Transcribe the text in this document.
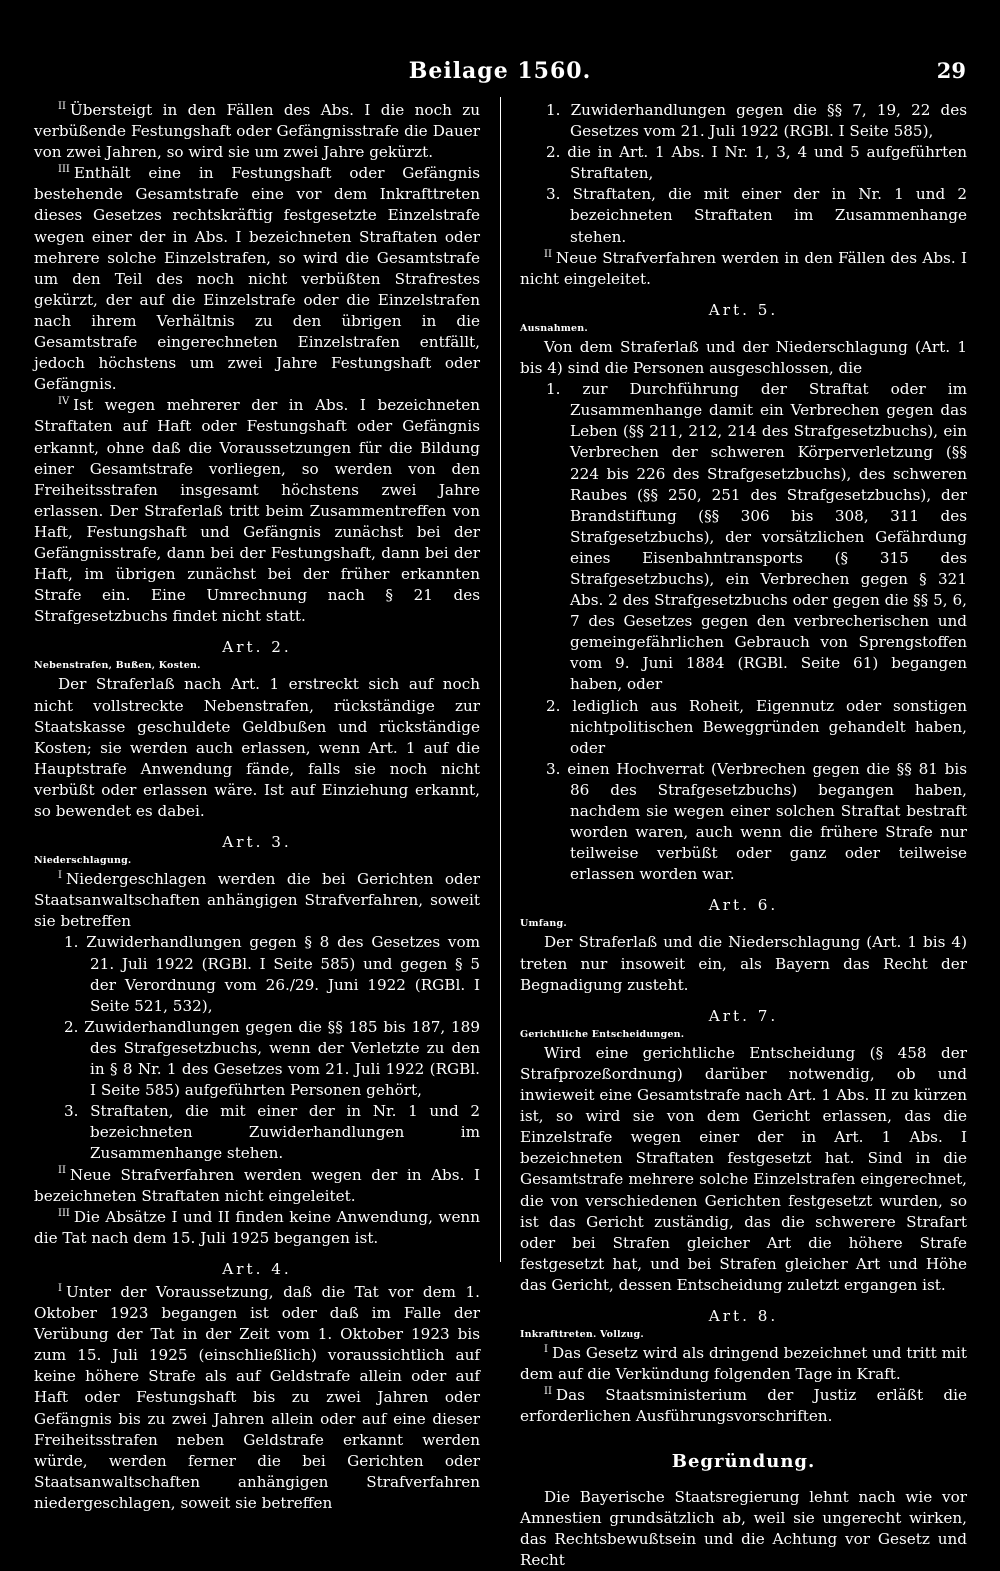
Beilage 1560.	29

$^{II}$ Übersteigt in den Fällen des Abs. I die noch zu verbüßende Festungshaft oder Gefängnisstrafe die Dauer von zwei Jahren, so wird sie um zwei Jahre gekürzt.

$^{III}$ Enthält eine in Festungshaft oder Gefängnis bestehende Gesamtstrafe eine vor dem Inkrafttreten dieses Gesetzes rechtskräftig festgesetzte Einzelstrafe wegen einer der in Abs. I bezeichneten Straftaten oder mehrere solche Einzelstrafen, so wird die Gesamtstrafe um den Teil des noch nicht verbüßten Strafrestes gekürzt, der auf die Einzelstrafe oder die Einzelstrafen nach ihrem Verhältnis zu den übrigen in die Gesamtstrafe eingerechneten Einzelstrafen entfällt, jedoch höchstens um zwei Jahre Festungshaft oder Gefängnis.

$^{IV}$ Ist wegen mehrerer der in Abs. I bezeichneten Straftaten auf Haft oder Festungshaft oder Gefängnis erkannt, ohne daß die Voraussetzungen für die Bildung einer Gesamtstrafe vorliegen, so werden von den Freiheitsstrafen insgesamt höchstens zwei Jahre erlassen. Der Straferlaß tritt beim Zusammentreffen von Haft, Festungshaft und Gefängnis zunächst bei der Gefängnisstrafe, dann bei der Festungshaft, dann bei der Haft, im übrigen zunächst bei der früher erkannten Strafe ein. Eine Umrechnung nach § 21 des Strafgesetzbuchs findet nicht statt.

Art. 2.

Nebenstrafen, Bußen, Kosten.

Der Straferlaß nach Art. 1 erstreckt sich auf noch nicht vollstreckte Nebenstrafen, rückständige zur Staatskasse geschuldete Geldbußen und rückständige Kosten; sie werden auch erlassen, wenn Art. 1 auf die Hauptstrafe Anwendung fände, falls sie noch nicht verbüßt oder erlassen wäre. Ist auf Einziehung erkannt, so bewendet es dabei.

Art. 3.

Niederschlagung.

$^I$ Niedergeschlagen werden die bei Gerichten oder Staatsanwaltschaften anhängigen Strafverfahren, soweit sie betreffen

1. Zuwiderhandlungen gegen § 8 des Gesetzes vom 21. Juli 1922 (RGBl. I Seite 585) und gegen § 5 der Verordnung vom 26./29. Juni 1922 (RGBl. I Seite 521, 532),

2. Zuwiderhandlungen gegen die §§ 185 bis 187, 189 des Strafgesetzbuchs, wenn der Verletzte zu den in § 8 Nr. 1 des Gesetzes vom 21. Juli 1922 (RGBl. I Seite 585) aufgeführten Personen gehört,

3. Straftaten, die mit einer der in Nr. 1 und 2 bezeichneten Zuwiderhandlungen im Zusammenhange stehen.

$^{II}$ Neue Strafverfahren werden wegen der in Abs. I bezeichneten Straftaten nicht eingeleitet.

$^{III}$ Die Absätze I und II finden keine Anwendung, wenn die Tat nach dem 15. Juli 1925 begangen ist.

Art. 4.

$^I$ Unter der Voraussetzung, daß die Tat vor dem 1. Oktober 1923 begangen ist oder daß im Falle der Verübung der Tat in der Zeit vom 1. Oktober 1923 bis zum 15. Juli 1925 (einschließlich) voraussichtlich auf keine höhere Strafe als auf Geldstrafe allein oder auf Haft oder Festungshaft bis zu zwei Jahren oder Gefängnis bis zu zwei Jahren allein oder auf eine dieser Freiheitsstrafen neben Geldstrafe erkannt werden würde, werden ferner die bei Gerichten oder Staatsanwaltschaften anhängigen Strafverfahren niedergeschlagen, soweit sie betreffen

1. Zuwiderhandlungen gegen die §§ 7, 19, 22 des Gesetzes vom 21. Juli 1922 (RGBl. I Seite 585),

2. die in Art. 1 Abs. I Nr. 1, 3, 4 und 5 aufgeführten Straftaten,

3. Straftaten, die mit einer der in Nr. 1 und 2 bezeichneten Straftaten im Zusammenhange stehen.

$^{II}$ Neue Strafverfahren werden in den Fällen des Abs. I nicht eingeleitet.

Art. 5.

Ausnahmen.

Von dem Straferlaß und der Niederschlagung (Art. 1 bis 4) sind die Personen ausgeschlossen, die

1. zur Durchführung der Straftat oder im Zusammenhange damit ein Verbrechen gegen das Leben (§§ 211, 212, 214 des Strafgesetzbuchs), ein Verbrechen der schweren Körperverletzung (§§ 224 bis 226 des Strafgesetzbuchs), des schweren Raubes (§§ 250, 251 des Strafgesetzbuchs), der Brandstiftung (§§ 306 bis 308, 311 des Strafgesetzbuchs), der vorsätzlichen Gefährdung eines Eisenbahntransports (§ 315 des Strafgesetzbuchs), ein Verbrechen gegen § 321 Abs. 2 des Strafgesetzbuchs oder gegen die §§ 5, 6, 7 des Gesetzes gegen den verbrecherischen und gemeingefährlichen Gebrauch von Sprengstoffen vom 9. Juni 1884 (RGBl. Seite 61) begangen haben, oder

2. lediglich aus Roheit, Eigennutz oder sonstigen nichtpolitischen Beweggründen gehandelt haben, oder

3. einen Hochverrat (Verbrechen gegen die §§ 81 bis 86 des Strafgesetzbuchs) begangen haben, nachdem sie wegen einer solchen Straftat bestraft worden waren, auch wenn die frühere Strafe nur teilweise verbüßt oder ganz oder teilweise erlassen worden war.

Art. 6.

Umfang.

Der Straferlaß und die Niederschlagung (Art. 1 bis 4) treten nur insoweit ein, als Bayern das Recht der Begnadigung zusteht.

Art. 7.

Gerichtliche Entscheidungen.

Wird eine gerichtliche Entscheidung (§ 458 der Strafprozeßordnung) darüber notwendig, ob und inwieweit eine Gesamtstrafe nach Art. 1 Abs. II zu kürzen ist, so wird sie von dem Gericht erlassen, das die Einzelstrafe wegen einer der in Art. 1 Abs. I bezeichneten Straftaten festgesetzt hat. Sind in die Gesamtstrafe mehrere solche Einzelstrafen eingerechnet, die von verschiedenen Gerichten festgesetzt wurden, so ist das Gericht zuständig, das die schwerere Strafart oder bei Strafen gleicher Art die höhere Strafe festgesetzt hat, und bei Strafen gleicher Art und Höhe das Gericht, dessen Entscheidung zuletzt ergangen ist.

Art. 8.

Inkrafttreten. Vollzug.

$^I$ Das Gesetz wird als dringend bezeichnet und tritt mit dem auf die Verkündung folgenden Tage in Kraft.

$^{II}$ Das Staatsministerium der Justiz erläßt die erforderlichen Ausführungsvorschriften.

Begründung.

Die Bayerische Staatsregierung lehnt nach wie vor Amnestien grundsätzlich ab, weil sie ungerecht wirken, das Rechtsbewußtsein und die Achtung vor Gesetz und Recht
